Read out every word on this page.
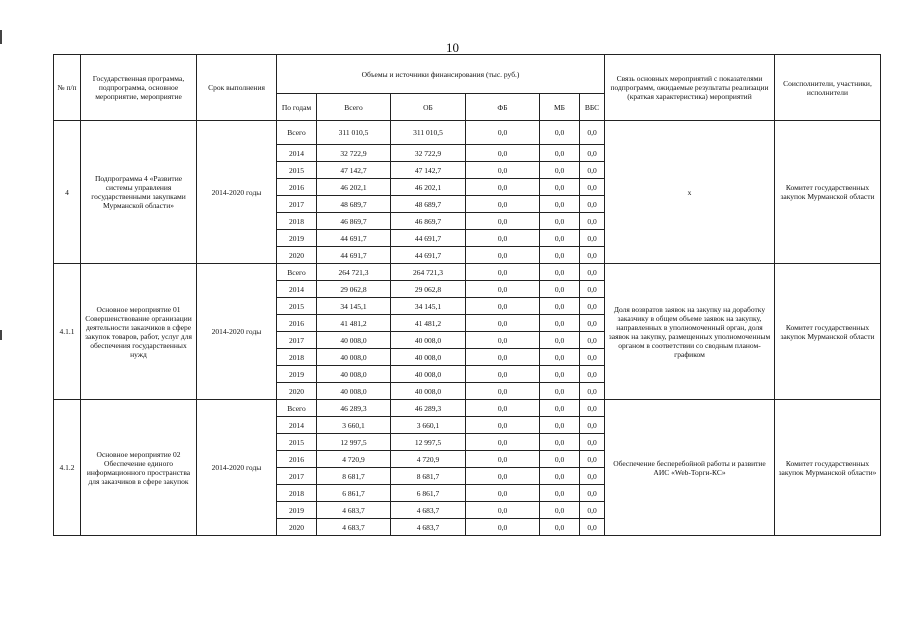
10
№ п/п	Государственная программа, подпрограмма, основное мероприятие, мероприятие	Срок выполнения	Объемы и источники финансирования (тыс. руб.)						Связь основных мероприятий с показателями подпрограмм, ожидаемые результаты реализации (краткая характеристика) мероприятий	Соисполнители, участники, исполнители
			По годам	Всего	ОБ	ФБ	МБ	ВБС		
4	Подпрограмма 4 «Развитие системы управления государственными закупками Мурманской области»	2014-2020 годы	Всего	311 010,5	311 010,5	0,0	0,0	0,0	х	Комитет государственных закупок Мурманской области
			2014	32 722,9	32 722,9	0,0	0,0	0,0		
			2015	47 142,7	47 142,7	0,0	0,0	0,0		
			2016	46 202,1	46 202,1	0,0	0,0	0,0		
			2017	48 689,7	48 689,7	0,0	0,0	0,0		
			2018	46 869,7	46 869,7	0,0	0,0	0,0		
			2019	44 691,7	44 691,7	0,0	0,0	0,0		
			2020	44 691,7	44 691,7	0,0	0,0	0,0		
4.1.1	Основное мероприятие 01 Совершенствование организации деятельности заказчиков в сфере закупок товаров, работ, услуг для обеспечения государственных нужд	2014-2020 годы	Всего	264 721,3	264 721,3	0,0	0,0	0,0	Доля возвратов заявок на закупку на доработку заказчику в общем объеме заявок на закупку, направленных в уполномоченный орган, доля заявок на закупку, размещенных уполномоченным органом в соответствии со сводным планом-графиком	Комитет государственных закупок Мурманской области
			2014	29 062,8	29 062,8	0,0	0,0	0,0		
			2015	34 145,1	34 145,1	0,0	0,0	0,0		
			2016	41 481,2	41 481,2	0,0	0,0	0,0		
			2017	40 008,0	40 008,0	0,0	0,0	0,0		
			2018	40 008,0	40 008,0	0,0	0,0	0,0		
			2019	40 008,0	40 008,0	0,0	0,0	0,0		
			2020	40 008,0	40 008,0	0,0	0,0	0,0		
4.1.2	Основное мероприятие 02 Обеспечение единого информационного пространства для заказчиков в сфере закупок	2014-2020 годы	Всего	46 289,3	46 289,3	0,0	0,0	0,0	Обеспечение бесперебойной работы и развитие АИС «Web-Торги-КС»	Комитет государственных закупок Мурманской области»
			2014	3 660,1	3 660,1	0,0	0,0	0,0		
			2015	12 997,5	12 997,5	0,0	0,0	0,0		
			2016	4 720,9	4 720,9	0,0	0,0	0,0		
			2017	8 681,7	8 681,7	0,0	0,0	0,0		
			2018	6 861,7	6 861,7	0,0	0,0	0,0		
			2019	4 683,7	4 683,7	0,0	0,0	0,0		
			2020	4 683,7	4 683,7	0,0	0,0	0,0		
